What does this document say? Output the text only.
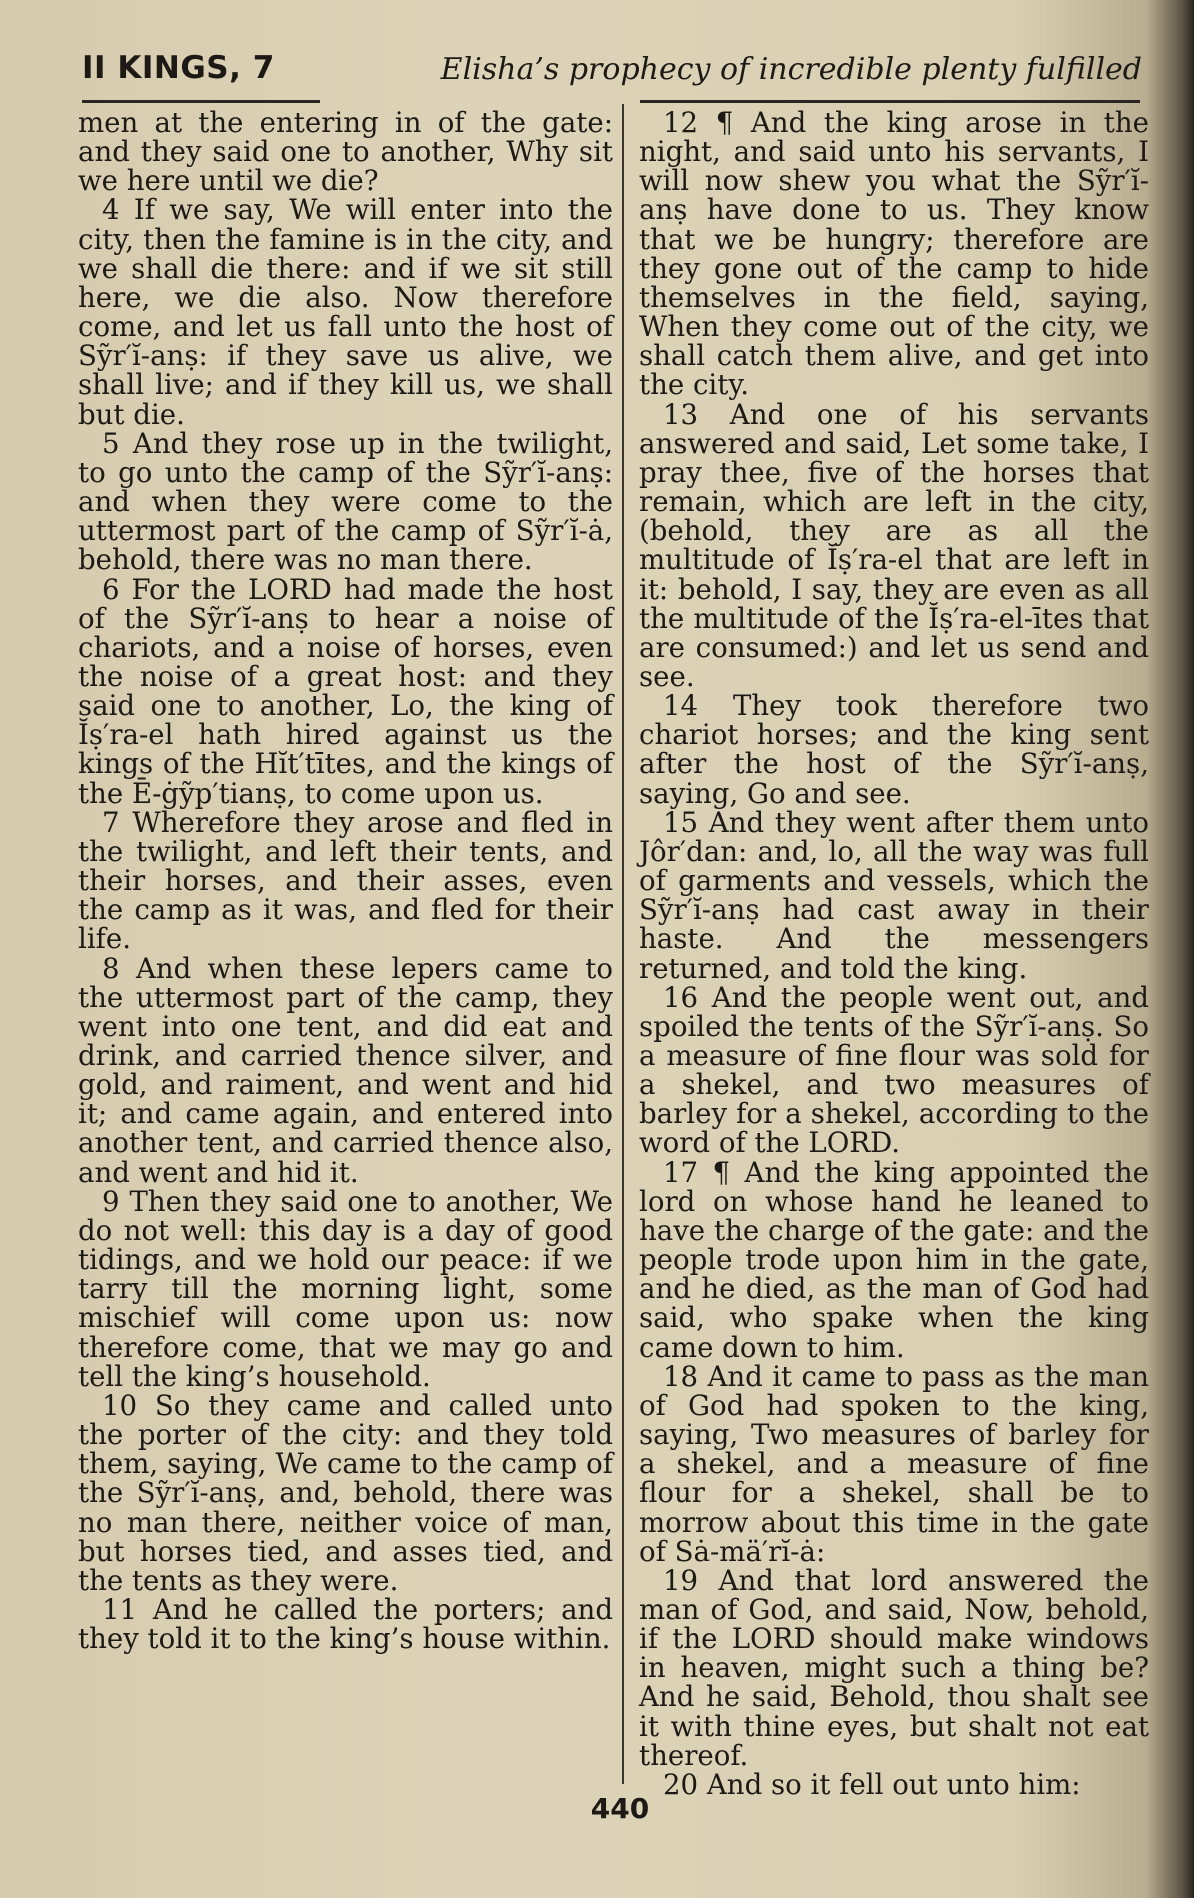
II KINGS, 7	Elisha’s prophecy of incredible plenty fulfilled

men at the entering in of the gate: and they said one to another, Why sit we here until we die?

4 If we say, We will enter into the city, then the famine is in the city, and we shall die there: and if we sit still here, we die also. Now therefore come, and let us fall unto the host of Sỹr′ĭ-anṣ: if they save us alive, we shall live; and if they kill us, we shall but die.

5 And they rose up in the twilight, to go unto the camp of the Sỹr′ĭ-anṣ: and when they were come to the uttermost part of the camp of Sỹr′ĭ-ȧ, behold, there was no man there.

6 For the LORD had made the host of the Sỹr′ĭ-anṣ to hear a noise of chariots, and a noise of horses, even the noise of a great host: and they said one to another, Lo, the king of Ĭṣ′ra-el hath hired against us the kings of the Hĭt′tītes, and the kings of the Ē-ġỹp′tianṣ, to come upon us.

7 Wherefore they arose and fled in the twilight, and left their tents, and their horses, and their asses, even the camp as it was, and fled for their life.

8 And when these lepers came to the uttermost part of the camp, they went into one tent, and did eat and drink, and carried thence silver, and gold, and raiment, and went and hid it; and came again, and entered into another tent, and carried thence also, and went and hid it.

9 Then they said one to another, We do not well: this day is a day of good tidings, and we hold our peace: if we tarry till the morning light, some mischief will come upon us: now therefore come, that we may go and tell the king’s household.

10 So they came and called unto the porter of the city: and they told them, saying, We came to the camp of the Sỹr′ĭ-anṣ, and, behold, there was no man there, neither voice of man, but horses tied, and asses tied, and the tents as they were.

11 And he called the porters; and they told it to the king’s house within.

12 ¶ And the king arose in the night, and said unto his servants, I will now shew you what the Sỹr′ĭ-anṣ have done to us. They know that we be hungry; therefore are they gone out of the camp to hide themselves in the field, saying, When they come out of the city, we shall catch them alive, and get into the city.

13 And one of his servants answered and said, Let some take, I pray thee, five of the horses that remain, which are left in the city, (behold, they are as all the multitude of Ĭṣ′ra-el that are left in it: behold, I say, they are even as all the multitude of the Ĭṣ′ra-el-ītes that are consumed:) and let us send and see.

14 They took therefore two chariot horses; and the king sent after the host of the Sỹr′ĭ-anṣ, saying, Go and see.

15 And they went after them unto Jôr′dan: and, lo, all the way was full of garments and vessels, which the Sỹr′ĭ-anṣ had cast away in their haste. And the messengers returned, and told the king.

16 And the people went out, and spoiled the tents of the Sỹr′ĭ-anṣ. So a measure of fine flour was sold for a shekel, and two measures of barley for a shekel, according to the word of the LORD.

17 ¶ And the king appointed the lord on whose hand he leaned to have the charge of the gate: and the people trode upon him in the gate, and he died, as the man of God had said, who spake when the king came down to him.

18 And it came to pass as the man of God had spoken to the king, saying, Two measures of barley for a shekel, and a measure of fine flour for a shekel, shall be to morrow about this time in the gate of Sȧ-mä′rĭ-ȧ:

19 And that lord answered the man of God, and said, Now, behold, if the LORD should make windows in heaven, might such a thing be? And he said, Behold, thou shalt see it with thine eyes, but shalt not eat thereof.

20 And so it fell out unto him:

440
